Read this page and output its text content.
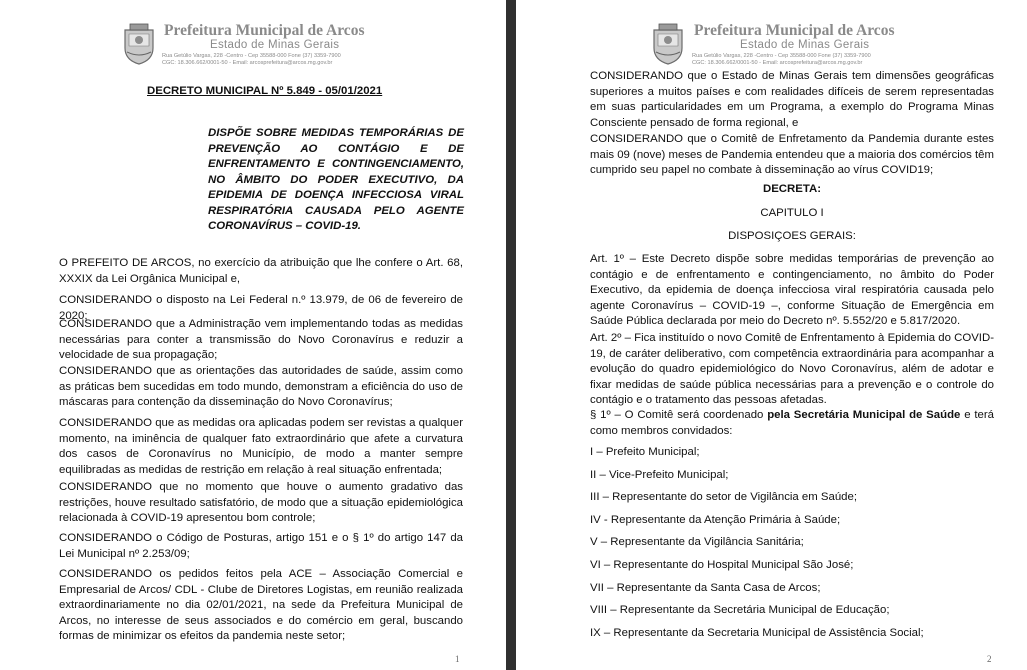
Prefeitura Municipal de Arcos
Estado de Minas Gerais
Rua Getúlio Vargas, 228 -Centro - Cep 35588-000 Fone (37) 3359-7900
CGC: 18.306.662/0001-50 - Email: arcosprefeitura@arcos.mg.gov.br
DECRETO MUNICIPAL Nº 5.849 - 05/01/2021
DISPÕE SOBRE MEDIDAS TEMPORÁRIAS DE PREVENÇÃO AO CONTÁGIO E DE ENFRENTAMENTO E CONTINGENCIAMENTO, NO ÂMBITO DO PODER EXECUTIVO, DA EPIDEMIA DE DOENÇA INFECCIOSA VIRAL RESPIRATÓRIA CAUSADA PELO AGENTE CORONAVÍRUS – COVID-19.
O PREFEITO DE ARCOS, no exercício da atribuição que lhe confere o Art. 68, XXXIX da Lei Orgânica Municipal e,
CONSIDERANDO o disposto na Lei Federal n.º 13.979, de 06 de fevereiro de 2020;
CONSIDERANDO que a Administração vem implementando todas as medidas necessárias para conter a transmissão do Novo Coronavírus e reduzir a velocidade de sua propagação;
CONSIDERANDO que as orientações das autoridades de saúde, assim como as práticas bem sucedidas em todo mundo, demonstram a eficiência do uso de máscaras para contenção da disseminação do Novo Coronavírus;
CONSIDERANDO que as medidas ora aplicadas podem ser revistas a qualquer momento, na iminência de qualquer fato extraordinário que afete a curvatura dos casos de Coronavírus no Município, de modo a manter sempre equilibradas as medidas de restrição em relação à real situação enfrentada;
CONSIDERANDO que no momento que houve o aumento gradativo das restrições, houve resultado satisfatório, de modo que a situação epidemiológica relacionada à COVID-19 apresentou bom controle;
CONSIDERANDO o Código de Posturas, artigo 151 e o § 1º do artigo 147 da Lei Municipal nº 2.253/09;
CONSIDERANDO os pedidos feitos pela ACE – Associação Comercial e Empresarial de Arcos/ CDL - Clube de Diretores Logistas, em reunião realizada extraordinariamente no dia 02/01/2021, na sede da Prefeitura Municipal de Arcos, no interesse de seus associados e do comércio em geral, buscando formas de minimizar os efeitos da pandemia neste setor;
1
Prefeitura Municipal de Arcos
Estado de Minas Gerais
Rua Getúlio Vargas, 228 -Centro - Cep 35588-000 Fone (37) 3359-7900
CGC: 18.306.662/0001-50 - Email: arcosprefeitura@arcos.mg.gov.br
CONSIDERANDO que o Estado de Minas Gerais tem dimensões geográficas superiores a muitos países e com realidades difíceis de serem representadas em suas particularidades em um Programa, a exemplo do Programa Minas Consciente pensado de forma regional, e
CONSIDERANDO que o Comitê de Enfretamento da Pandemia durante estes mais 09 (nove) meses de Pandemia entendeu que a maioria dos comércios têm cumprido seu papel no combate à disseminação ao vírus COVID19;
DECRETA:
CAPITULO I
DISPOSIÇOES GERAIS:
Art. 1º – Este Decreto dispõe sobre medidas temporárias de prevenção ao contágio e de enfrentamento e contingenciamento, no âmbito do Poder Executivo, da epidemia de doença infecciosa viral respiratória causada pelo agente Coronavírus – COVID-19 –, conforme Situação de Emergência em Saúde Pública declarada por meio do Decreto nº. 5.552/20 e 5.817/2020.
Art. 2º – Fica instituído o novo Comitê de Enfrentamento à Epidemia do COVID-19, de caráter deliberativo, com competência extraordinária para acompanhar a evolução do quadro epidemiológico do Novo Coronavírus, além de adotar e fixar medidas de saúde pública necessárias para a prevenção e o controle do contágio e o tratamento das pessoas afetadas.
§ 1º – O Comitê será coordenado pela Secretária Municipal de Saúde e terá como membros convidados:
I – Prefeito Municipal;
II – Vice-Prefeito Municipal;
III – Representante do setor de Vigilância em Saúde;
IV - Representante da Atenção Primária à Saúde;
V – Representante da Vigilância Sanitária;
VI – Representante do Hospital Municipal São José;
VII – Representante da Santa Casa de Arcos;
VIII – Representante da Secretária Municipal de Educação;
IX – Representante da Secretaria Municipal de Assistência Social;
2
